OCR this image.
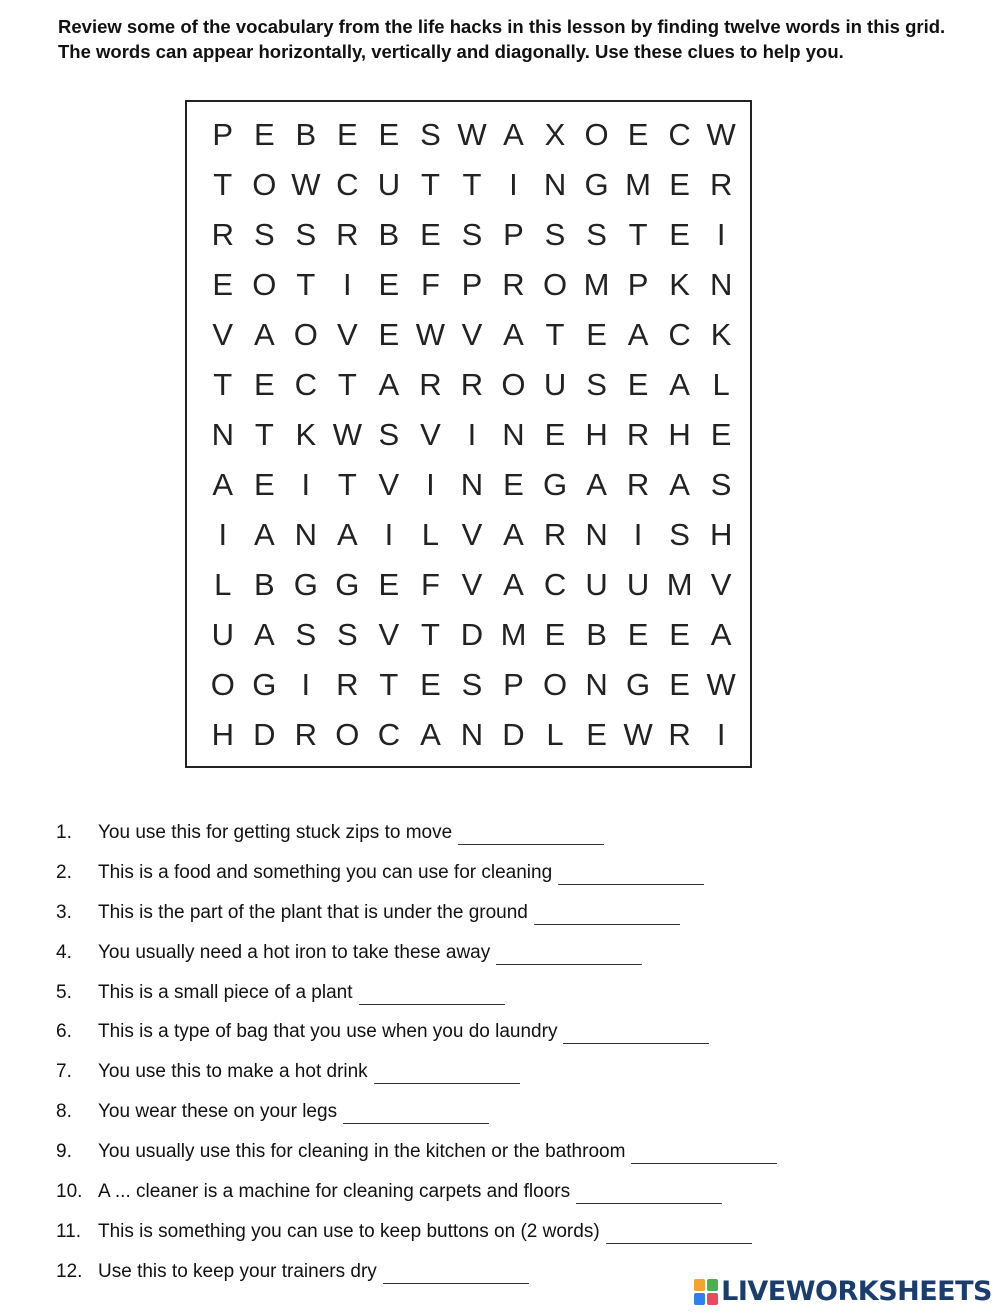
Review some of the vocabulary from the life hacks in this lesson by finding twelve words in this grid.

The words can appear horizontally, vertically and diagonally. Use these clues to help you.

P E B E E S W A X O E C W
T O W C U T T I N G M E R
R S S R B E S P S S T E I
E O T I E F P R O M P K N
V A O V E W V A T E A C K
T E C T A R R O U S E A L
N T K W S V I N E H R H E
A E I T V I N E G A R A S
I A N A I L V A R N I S H
L B G G E F V A C U U M V
U A S S V T D M E B E E A
O G I R T E S P O N G E W
H D R O C A N D L E W R I
1.	You use this for getting stuck zips to move
2.	This is a food and something you can use for cleaning
3.	This is the part of the plant that is under the ground
4.	You usually need a hot iron to take these away
5.	This is a small piece of a plant
6.	This is a type of bag that you use when you do laundry
7.	You use this to make a hot drink
8.	You wear these on your legs
9.	You usually use this for cleaning in the kitchen or the bathroom
10. A ... cleaner is a machine for cleaning carpets and floors
11. This is something you can use to keep buttons on (2 words)
12. Use this to keep your trainers dry
LIVEWORKSHEETS
